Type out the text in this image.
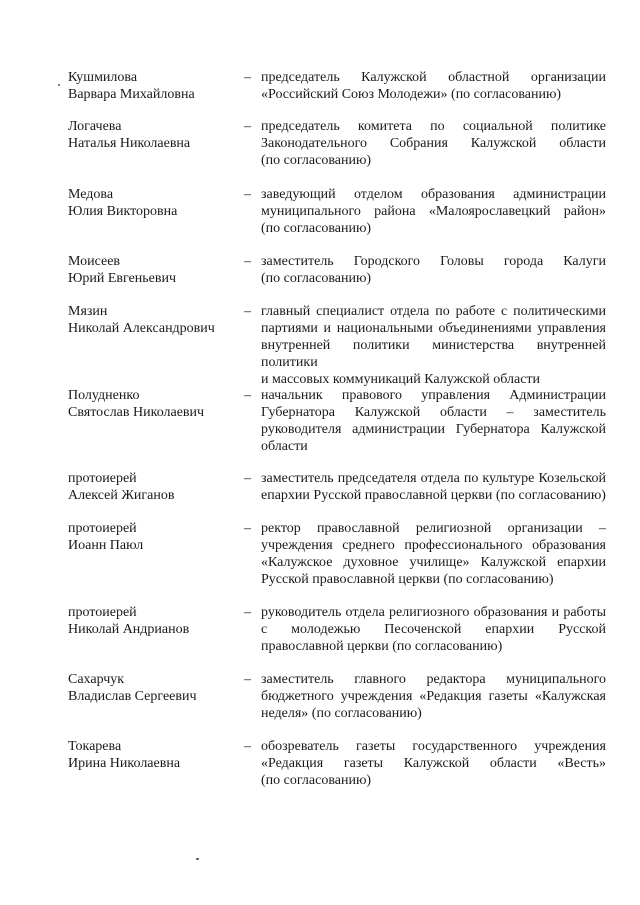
Кушмилова
Варвара Михайловна
– председатель Калужской областной организации
«Российский Союз Молодежи» (по согласованию)
Логачева
Наталья Николаевна
– председатель комитета по социальной политике
Законодательного Собрания Калужской области
(по согласованию)
Медова
Юлия Викторовна
– заведующий отделом образования администрации
муниципального района «Малоярославецкий район»
(по согласованию)
Моисеев
Юрий Евгеньевич
– заместитель Городского Головы города Калуги
(по согласованию)
Мязин
Николай Александрович
– главный специалист отдела по работе с политическими
партиями и национальными объединениями управления
внутренней политики министерства внутренней политики
и массовых коммуникаций Калужской области
Полудненко
Святослав Николаевич
– начальник правового управления Администрации
Губернатора Калужской области – заместитель
руководителя администрации Губернатора Калужской
области
протоиерей
Алексей Жиганов
– заместитель председателя отдела по культуре Козельской
епархии Русской православной церкви (по согласованию)
протоиерей
Иоанн Паюл
– ректор православной религиозной организации –
учреждения среднего профессионального образования
«Калужское духовное училище» Калужской епархии
Русской православной церкви (по согласованию)
протоиерей
Николай Андрианов
– руководитель отдела религиозного образования и работы
с молодежью Песоченской епархии Русской
православной церкви (по согласованию)
Сахарчук
Владислав Сергеевич
– заместитель главного редактора муниципального
бюджетного учреждения «Редакция газеты «Калужская
неделя» (по согласованию)
Токарева
Ирина Николаевна
– обозреватель газеты государственного учреждения
«Редакция газеты Калужской области «Весть»
(по согласованию)
